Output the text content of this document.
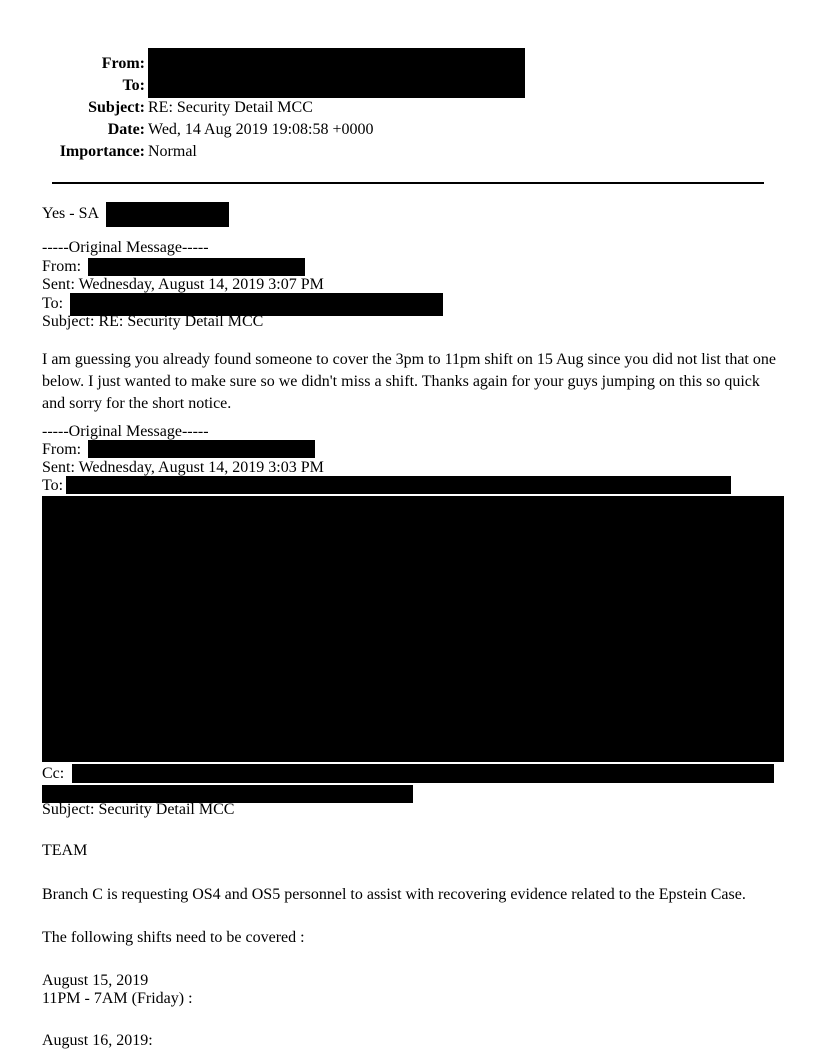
From:
To:
Subject: RE: Security Detail MCC
Date: Wed, 14 Aug 2019 19:08:58 +0000
Importance: Normal
Yes - SA
-----Original Message-----
From:
Sent: Wednesday, August 14, 2019 3:07 PM
To:
Subject: RE: Security Detail MCC
I am guessing you already found someone to cover the 3pm to 11pm shift on 15 Aug since you did not list that one below. I just wanted to make sure so we didn't miss a shift. Thanks again for your guys jumping on this so quick and sorry for the short notice.
-----Original Message-----
From:
Sent: Wednesday, August 14, 2019 3:03 PM
To:
Cc:
Subject: Security Detail MCC
TEAM
Branch C is requesting OS4 and OS5 personnel to assist with recovering evidence related to the Epstein Case.
The following shifts need to be covered :
August 15, 2019
11PM - 7AM (Friday) :
August 16, 2019:
